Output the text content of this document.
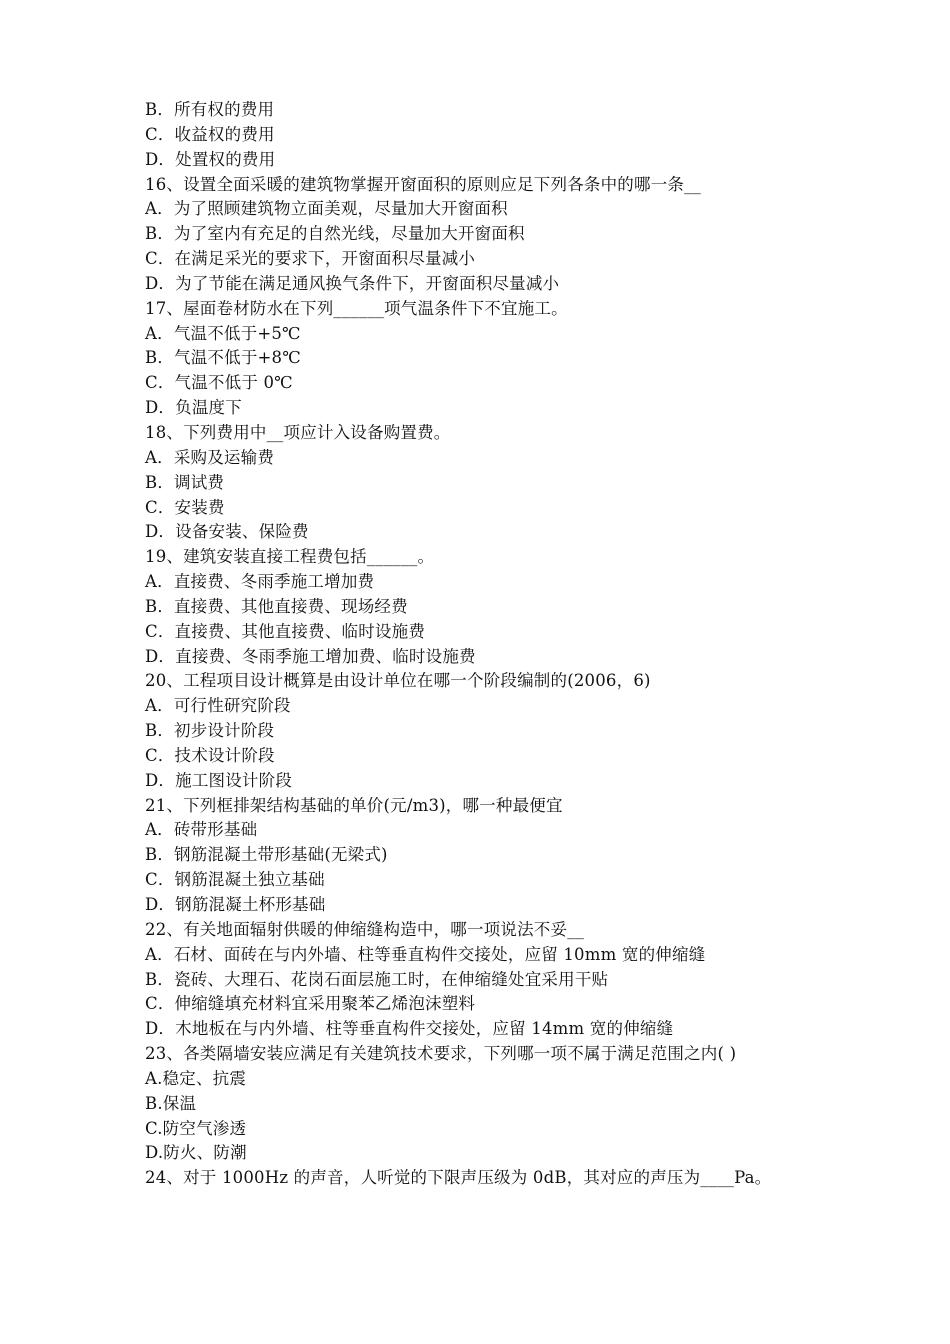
B．所有权的费用
C．收益权的费用
D．处置权的费用
16、设置全面采暖的建筑物掌握开窗面积的原则应足下列各条中的哪一条__
A．为了照顾建筑物立面美观，尽量加大开窗面积
B．为了室内有充足的自然光线，尽量加大开窗面积
C．在满足采光的要求下，开窗面积尽量减小
D．为了节能在满足通风换气条件下，开窗面积尽量减小
17、屋面卷材防水在下列______项气温条件下不宜施工。
A．气温不低于+5℃
B．气温不低于+8℃
C．气温不低于 0℃
D．负温度下
18、下列费用中__项应计入设备购置费。
A．采购及运输费
B．调试费
C．安装费
D．设备安装、保险费
19、建筑安装直接工程费包括______。
A．直接费、冬雨季施工增加费
B．直接费、其他直接费、现场经费
C．直接费、其他直接费、临时设施费
D．直接费、冬雨季施工增加费、临时设施费
20、工程项目设计概算是由设计单位在哪一个阶段编制的(2006，6)
A．可行性研究阶段
B．初步设计阶段
C．技术设计阶段
D．施工图设计阶段
21、下列框排架结构基础的单价(元/m3)，哪一种最便宜
A．砖带形基础
B．钢筋混凝土带形基础(无梁式)
C．钢筋混凝土独立基础
D．钢筋混凝土杯形基础
22、有关地面辐射供暖的伸缩缝构造中，哪一项说法不妥__
A．石材、面砖在与内外墙、柱等垂直构件交接处，应留 10mm 宽的伸缩缝
B．瓷砖、大理石、花岗石面层施工时，在伸缩缝处宜采用干贴
C．伸缩缝填充材料宜采用聚苯乙烯泡沫塑料
D．木地板在与内外墙、柱等垂直构件交接处，应留 14mm 宽的伸缩缝
23、各类隔墙安装应满足有关建筑技术要求，下列哪一项不属于满足范围之内( )
A.稳定、抗震
B.保温
C.防空气渗透
D.防火、防潮
24、对于 1000Hz 的声音，人听觉的下限声压级为 0dB，其对应的声压为____Pa。
